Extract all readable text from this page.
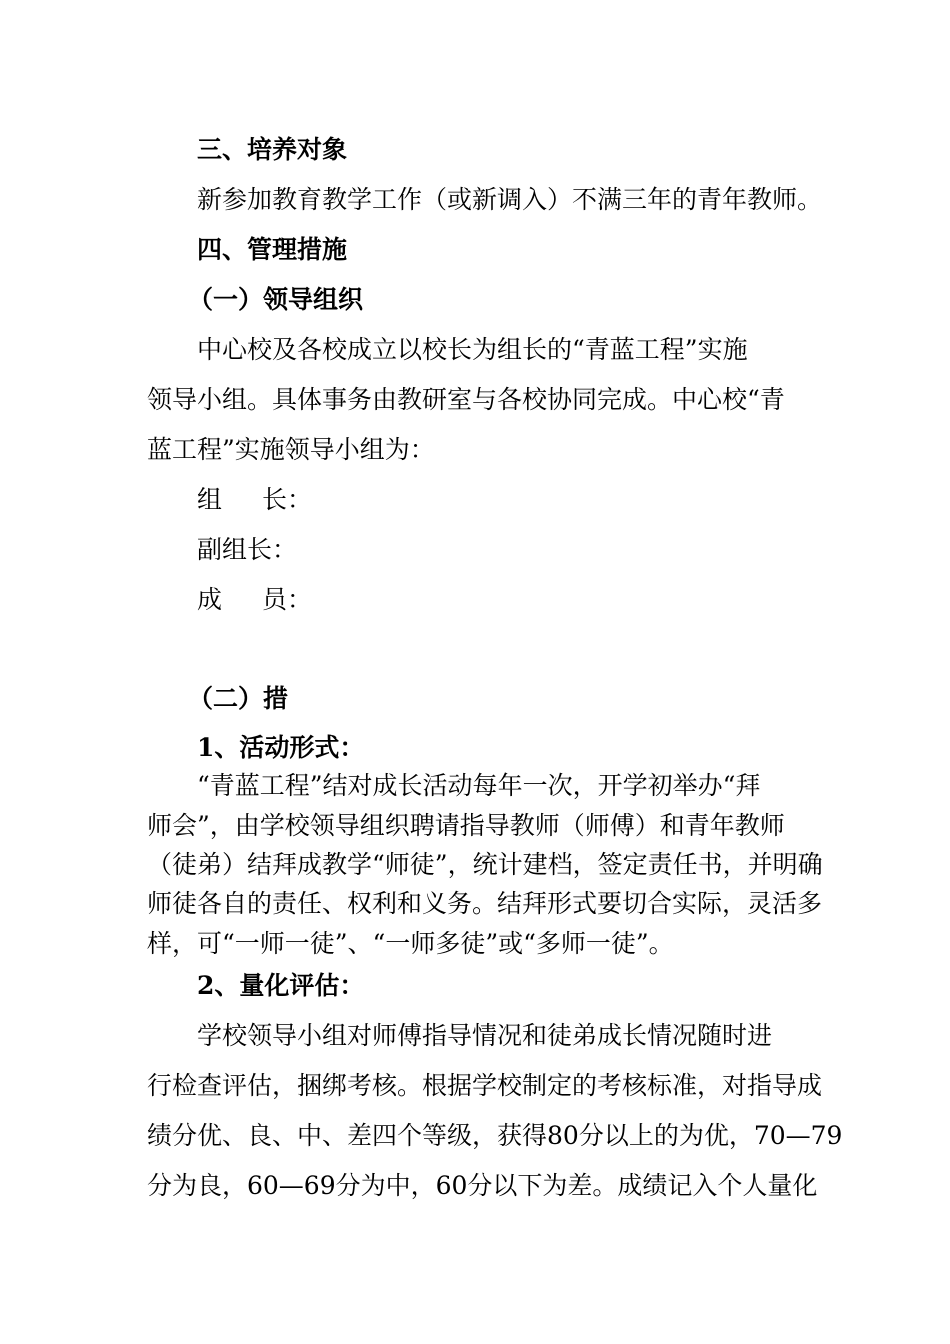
三、培养对象
新参加教育教学工作（或新调入）不满三年的青年教师。
四、管理措施
（一）领导组织
中心校及各校成立以校长为组长的“青蓝工程”实施
领导小组。具体事务由教研室与各校协同完成。中心校“青
蓝工程”实施领导小组为：
组 长：
副组长：
成 员：
（二）措
1、活动形式：
“青蓝工程”结对成长活动每年一次，开学初举办“拜
师会”，由学校领导组织聘请指导教师（师傅）和青年教师
（徒弟）结拜成教学“师徒”，统计建档，签定责任书，并明确
师徒各自的责任、权利和义务。结拜形式要切合实际，灵活多
样，可“一师一徒”、“一师多徒”或“多师一徒”。
2、量化评估：
学校领导小组对师傅指导情况和徒弟成长情况随时进
行检查评估，捆绑考核。根据学校制定的考核标准，对指导成
绩分优、良、中、差四个等级，获得80分以上的为优，70—79
分为良，60—69分为中，60分以下为差。成绩记入个人量化
